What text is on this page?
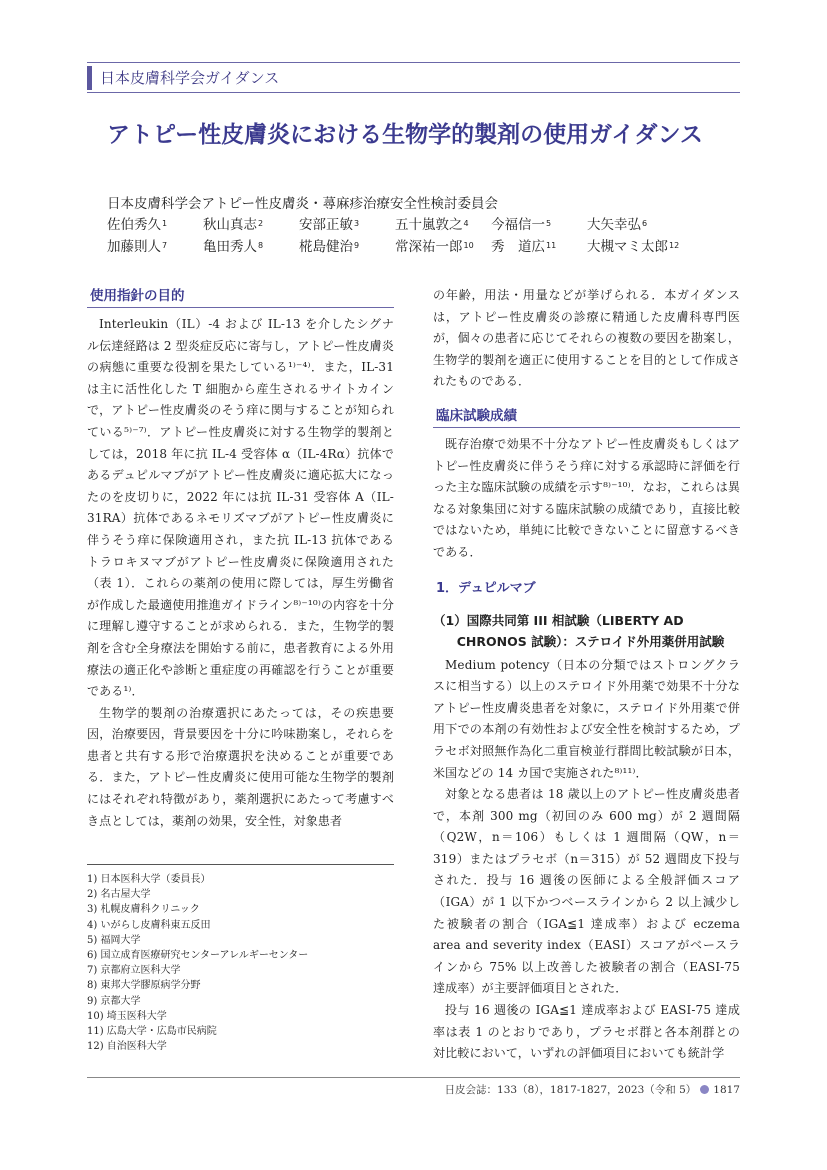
日本皮膚科学会ガイダンス
アトピー性皮膚炎における生物学的製剤の使用ガイダンス
日本皮膚科学会アトピー性皮膚炎・蕁麻疹治療安全性検討委員会
佐伯秀久$^1$	秋山真志$^2$	安部正敏$^3$	五十嵐敦之$^4$ 今福信一$^5$	大矢幸弘$^6$
加藤則人$^7$	亀田秀人$^8$	椛島健治$^9$	常深祐一郎$^{10}$ 秀　道広$^{11}$ 大槻マミ太郎$^{12}$
使用指針の目的

Interleukin（IL）-4 および IL-13 を介したシグナル伝達経路は 2 型炎症反応に寄与し，アトピー性皮膚炎の病態に重要な役割を果たしている¹⁾⁻⁴⁾．また，IL-31 は主に活性化した T 細胞から産生されるサイトカインで，アトピー性皮膚炎のそう痒に関与することが知られている⁵⁾⁻⁷⁾．アトピー性皮膚炎に対する生物学的製剤としては，2018 年に抗 IL-4 受容体 α（IL-4Rα）抗体であるデュピルマブがアトピー性皮膚炎に適応拡大になったのを皮切りに，2022 年には抗 IL-31 受容体 A（IL-31RA）抗体であるネモリズマブがアトピー性皮膚炎に伴うそう痒に保険適用され，また抗 IL-13 抗体であるトラロキヌマブがアトピー性皮膚炎に保険適用された（表 1）．これらの薬剤の使用に際しては，厚生労働省が作成した最適使用推進ガイドライン⁸⁾⁻¹⁰⁾の内容を十分に理解し遵守することが求められる．また，生物学的製剤を含む全身療法を開始する前に，患者教育による外用療法の適正化や診断と重症度の再確認を行うことが重要である¹⁾．

生物学的製剤の治療選択にあたっては，その疾患要因，治療要因，背景要因を十分に吟味勘案し，それらを患者と共有する形で治療選択を決めることが重要である．また，アトピー性皮膚炎に使用可能な生物学的製剤にはそれぞれ特徴があり，薬剤選択にあたって考慮すべき点としては，薬剤の効果，安全性，対象患者

1) 日本医科大学（委員長）
2) 名古屋大学
3) 札幌皮膚科クリニック
4) いがらし皮膚科東五反田
5) 福岡大学
6) 国立成育医療研究センターアレルギーセンター
7) 京都府立医科大学
8) 東邦大学膠原病学分野
9) 京都大学
10) 埼玉医科大学
11) 広島大学・広島市民病院
12) 自治医科大学

の年齢，用法・用量などが挙げられる．本ガイダンスは，アトピー性皮膚炎の診療に精通した皮膚科専門医が，個々の患者に応じてそれらの複数の要因を勘案し，生物学的製剤を適正に使用することを目的として作成されたものである．

臨床試験成績

既存治療で効果不十分なアトピー性皮膚炎もしくはアトピー性皮膚炎に伴うそう痒に対する承認時に評価を行った主な臨床試験の成績を示す⁸⁾⁻¹⁰⁾．なお，これらは異なる対象集団に対する臨床試験の成績であり，直接比較ではないため，単純に比較できないことに留意するべきである．

1．デュピルマブ
（1）国際共同第 III 相試験（LIBERTY AD CHRONOS 試験）：ステロイド外用薬併用試験

Medium potency（日本の分類ではストロングクラスに相当する）以上のステロイド外用薬で効果不十分なアトピー性皮膚炎患者を対象に，ステロイド外用薬で併用下での本剤の有効性および安全性を検討するため，プラセボ対照無作為化二重盲検並行群間比較試験が日本，米国などの 14 カ国で実施された⁸⁾¹¹⁾．

対象となる患者は 18 歳以上のアトピー性皮膚炎患者で，本剤 300 mg（初回のみ 600 mg）が 2 週間隔（Q2W，n＝106）もしくは 1 週間隔（QW，n＝319）またはプラセボ（n＝315）が 52 週間皮下投与された．投与 16 週後の医師による全般評価スコア（IGA）が 1 以下かつベースラインから 2 以上減少した被験者の割合（IGA≦1 達成率）および eczema area and severity index（EASI）スコアがベースラインから 75% 以上改善した被験者の割合（EASI-75 達成率）が主要評価項目とされた．

投与 16 週後の IGA≦1 達成率および EASI-75 達成率は表 1 のとおりであり，プラセボ群と各本剤群との対比較において，いずれの評価項目においても統計学

日皮会誌：133（8），1817-1827，2023（令和 5） 1817
